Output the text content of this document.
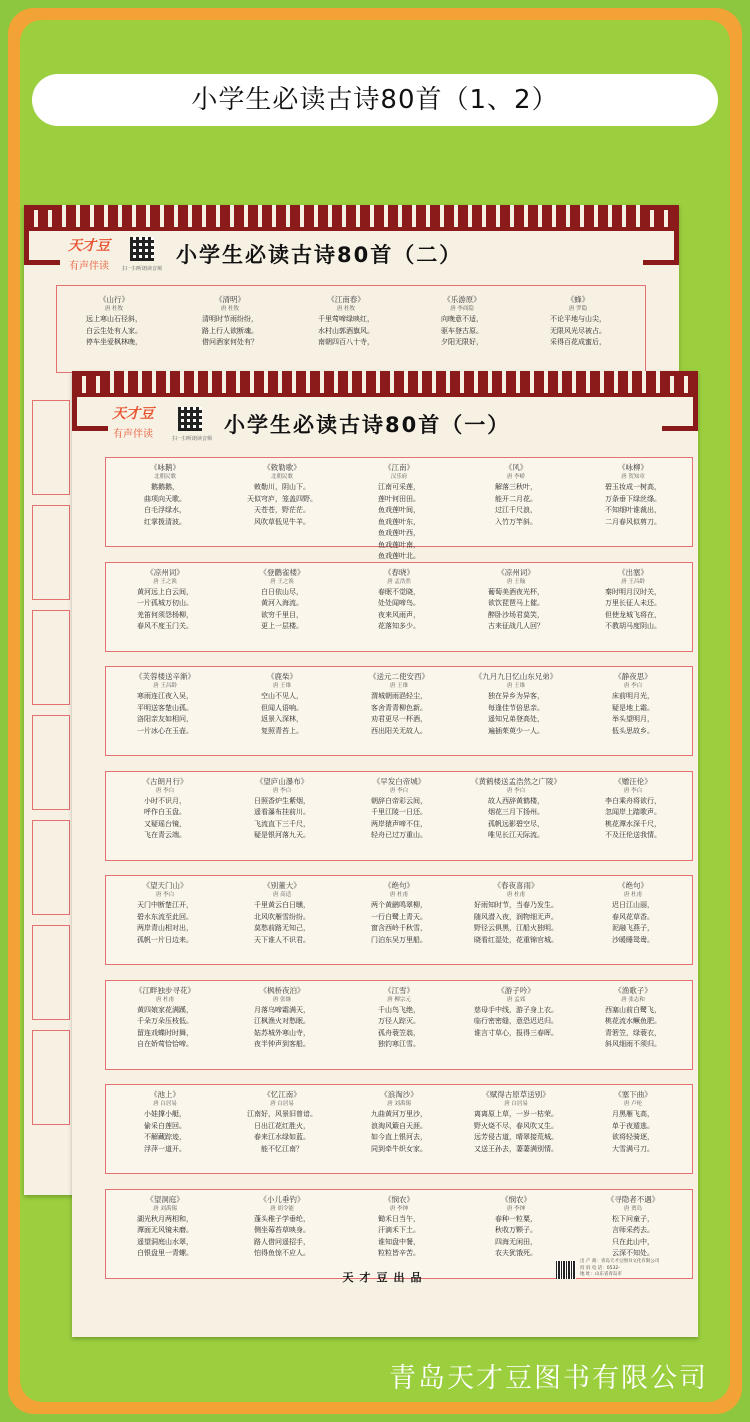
小学生必读古诗80首（1、2）
天才豆
有声伴读	扫一扫听朗读音频
小学生必读古诗80首（二）
《山行》
唐 杜牧
远上寒山石径斜，
白云生处有人家。
停车坐爱枫林晚，
《清明》
唐 杜牧
清明时节雨纷纷，
路上行人欲断魂。
借问酒家何处有？
《江南春》
唐 杜牧
千里莺啼绿映红，
水村山郭酒旗风。
南朝四百八十寺，
《乐游原》
唐 李商隐
向晚意不适，
驱车登古原。
夕阳无限好，
《蜂》
唐 罗隐
不论平地与山尖，
无限风光尽被占。
采得百花成蜜后，
天才豆
有声伴读	扫一扫听朗读音频
小学生必读古诗80首（一）
《咏鹅》
北朝民歌
鹅鹅鹅，
曲项向天歌。
白毛浮绿水，
红掌拨清波。
《敕勒歌》
北朝民歌
敕勒川，阴山下。
天似穹庐，笼盖四野。
天苍苍，野茫茫。
风吹草低见牛羊。
《江南》
汉乐府
江南可采莲，
莲叶何田田。
鱼戏莲叶间，
鱼戏莲叶东，
鱼戏莲叶西，
鱼戏莲叶南，
鱼戏莲叶北。
《风》
唐 李峤
解落三秋叶，
能开二月花。
过江千尺浪，
入竹万竿斜。
《咏柳》
唐 贺知章
碧玉妆成一树高，
万条垂下绿丝绦。
不知细叶谁裁出，
二月春风似剪刀。
《凉州词》
唐 王之涣
黄河远上白云间，
一片孤城万仞山。
羌笛何须怨杨柳，
春风不度玉门关。
《登鹳雀楼》
唐 王之涣
白日依山尽，
黄河入海流。
欲穷千里目，
更上一层楼。
《春晓》
唐 孟浩然
春眠不觉晓，
处处闻啼鸟。
夜来风雨声，
花落知多少。
《凉州词》
唐 王翰
葡萄美酒夜光杯，
欲饮琵琶马上催。
醉卧沙场君莫笑，
古来征战几人回？
《出塞》
唐 王昌龄
秦时明月汉时关，
万里长征人未还。
但使龙城飞将在，
不教胡马度阴山。
《芙蓉楼送辛渐》
唐 王昌龄
寒雨连江夜入吴，
平明送客楚山孤。
洛阳亲友如相问，
一片冰心在玉壶。
《鹿柴》
唐 王维
空山不见人，
但闻人语响。
返景入深林，
复照青苔上。
《送元二使安西》
唐 王维
渭城朝雨浥轻尘，
客舍青青柳色新。
劝君更尽一杯酒，
西出阳关无故人。
《九月九日忆山东兄弟》
唐 王维
独在异乡为异客，
每逢佳节倍思亲。
遥知兄弟登高处，
遍插茱萸少一人。
《静夜思》
唐 李白
床前明月光，
疑是地上霜。
举头望明月，
低头思故乡。
《古朗月行》
唐 李白
小时不识月，
呼作白玉盘。
又疑瑶台镜，
飞在青云端。
《望庐山瀑布》
唐 李白
日照香炉生紫烟，
遥看瀑布挂前川。
飞流直下三千尺，
疑是银河落九天。
《早发白帝城》
唐 李白
朝辞白帝彩云间，
千里江陵一日还。
两岸猿声啼不住，
轻舟已过万重山。
《黄鹤楼送孟浩然之广陵》
唐 李白
故人西辞黄鹤楼，
烟花三月下扬州。
孤帆远影碧空尽，
唯见长江天际流。
《赠汪伦》
唐 李白
李白乘舟将欲行，
忽闻岸上踏歌声。
桃花潭水深千尺，
不及汪伦送我情。
《望天门山》
唐 李白
天门中断楚江开，
碧水东流至此回。
两岸青山相对出，
孤帆一片日边来。
《别董大》
唐 高适
千里黄云白日曛，
北风吹雁雪纷纷。
莫愁前路无知己，
天下谁人不识君。
《绝句》
唐 杜甫
两个黄鹂鸣翠柳，
一行白鹭上青天。
窗含西岭千秋雪，
门泊东吴万里船。
《春夜喜雨》
唐 杜甫
好雨知时节，当春乃发生。
随风潜入夜，润物细无声。
野径云俱黑，江船火独明。
晓看红湿处，花重锦官城。
《绝句》
唐 杜甫
迟日江山丽，
春风花草香。
泥融飞燕子，
沙暖睡鸳鸯。
《江畔独步寻花》
唐 杜甫
黄四娘家花满蹊，
千朵万朵压枝低。
留连戏蝶时时舞，
自在娇莺恰恰啼。
《枫桥夜泊》
唐 张继
月落乌啼霜满天，
江枫渔火对愁眠。
姑苏城外寒山寺，
夜半钟声到客船。
《江雪》
唐 柳宗元
千山鸟飞绝，
万径人踪灭。
孤舟蓑笠翁，
独钓寒江雪。
《游子吟》
唐 孟郊
慈母手中线，游子身上衣。
临行密密缝，意恐迟迟归。
谁言寸草心，报得三春晖。
《渔歌子》
唐 张志和
西塞山前白鹭飞，
桃花流水鳜鱼肥。
青箬笠，绿蓑衣，
斜风细雨不须归。
《池上》
唐 白居易
小娃撑小艇，
偷采白莲回。
不解藏踪迹，
浮萍一道开。
《忆江南》
唐 白居易
江南好，风景旧曾谙。
日出江花红胜火，
春来江水绿如蓝。
能不忆江南？
《浪淘沙》
唐 刘禹锡
九曲黄河万里沙，
浪淘风簸自天涯。
如今直上银河去，
同到牵牛织女家。
《赋得古原草送别》
唐 白居易
离离原上草，一岁一枯荣。
野火烧不尽，春风吹又生。
远芳侵古道，晴翠接荒城。
又送王孙去，萋萋满别情。
《塞下曲》
唐 卢纶
月黑雁飞高，
单于夜遁逃。
欲将轻骑逐，
大雪满弓刀。
《望洞庭》
唐 刘禹锡
湖光秋月两相和，
潭面无风镜未磨。
遥望洞庭山水翠，
白银盘里一青螺。
《小儿垂钓》
唐 胡令能
蓬头稚子学垂纶，
侧坐莓苔草映身。
路人借问遥招手，
怕得鱼惊不应人。
《悯农》
唐 李绅
锄禾日当午，
汗滴禾下土。
谁知盘中餐，
粒粒皆辛苦。
《悯农》
唐 李绅
春种一粒粟，
秋收万颗子。
四海无闲田，
农夫犹饿死。
《寻隐者不遇》
唐 贾岛
松下问童子，
言师采药去。
只在此山中，
云深不知处。
天才豆出品
出 产 商：青岛天才豆图书文化有限公司
投 诉 电 话：0532-
地 址：山东省青岛市
青岛天才豆图书有限公司
